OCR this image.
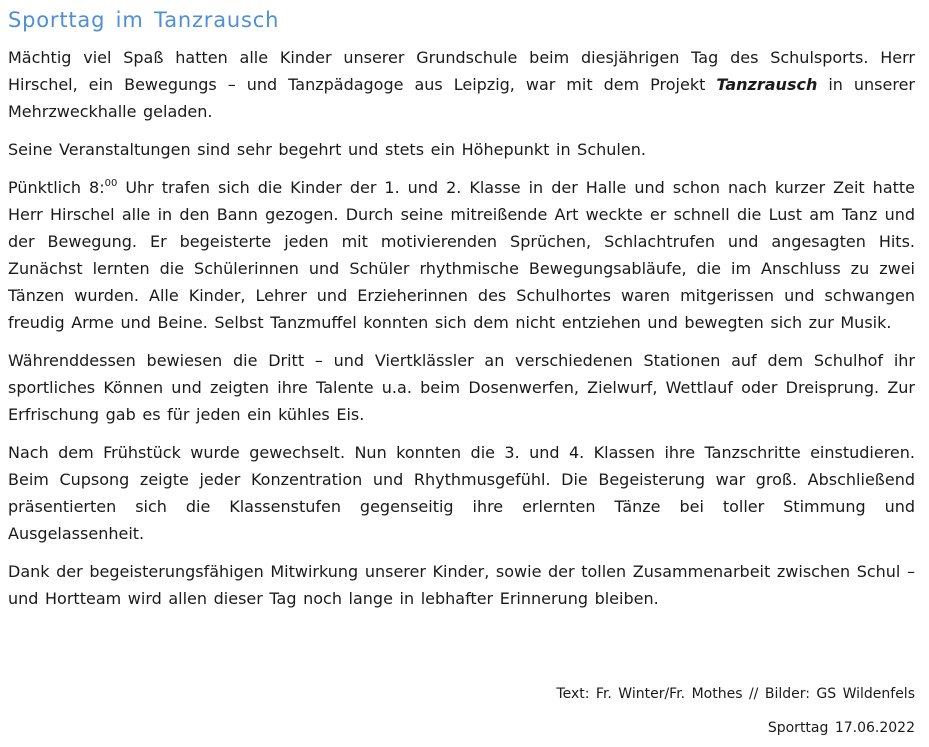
Sporttag im Tanzrausch

Mächtig viel Spaß hatten alle Kinder unserer Grundschule beim diesjährigen Tag des Schulsports. Herr Hirschel, ein Bewegungs – und Tanzpädagoge aus Leipzig, war mit dem Projekt Tanzrausch in unserer Mehrzweckhalle geladen.

Seine Veranstaltungen sind sehr begehrt und stets ein Höhepunkt in Schulen.

Pünktlich 8:$^{00}$ Uhr trafen sich die Kinder der 1. und 2. Klasse in der Halle und schon nach kurzer Zeit hatte Herr Hirschel alle in den Bann gezogen. Durch seine mitreißende Art weckte er schnell die Lust am Tanz und der Bewegung. Er begeisterte jeden mit motivierenden Sprüchen, Schlachtrufen und angesagten Hits. Zunächst lernten die Schülerinnen und Schüler rhythmische Bewegungsabläufe, die im Anschluss zu zwei Tänzen wurden. Alle Kinder, Lehrer und Erzieherinnen des Schulhortes waren mitgerissen und schwangen freudig Arme und Beine. Selbst Tanzmuffel konnten sich dem nicht entziehen und bewegten sich zur Musik.

Währenddessen bewiesen die Dritt – und Viertklässler an verschiedenen Stationen auf dem Schulhof ihr sportliches Können und zeigten ihre Talente u.a. beim Dosenwerfen, Zielwurf, Wettlauf oder Dreisprung. Zur Erfrischung gab es für jeden ein kühles Eis.

Nach dem Frühstück wurde gewechselt. Nun konnten die 3. und 4. Klassen ihre Tanzschritte einstudieren. Beim Cupsong zeigte jeder Konzentration und Rhythmusgefühl. Die Begeisterung war groß. Abschließend präsentierten sich die Klassenstufen gegenseitig ihre erlernten Tänze bei toller Stimmung und Ausgelassenheit.

Dank der begeisterungsfähigen Mitwirkung unserer Kinder, sowie der tollen Zusammenarbeit zwischen Schul – und Hortteam wird allen dieser Tag noch lange in lebhafter Erinnerung bleiben.

Text: Fr. Winter/Fr. Mothes // Bilder: GS Wildenfels
Sporttag 17.06.2022
